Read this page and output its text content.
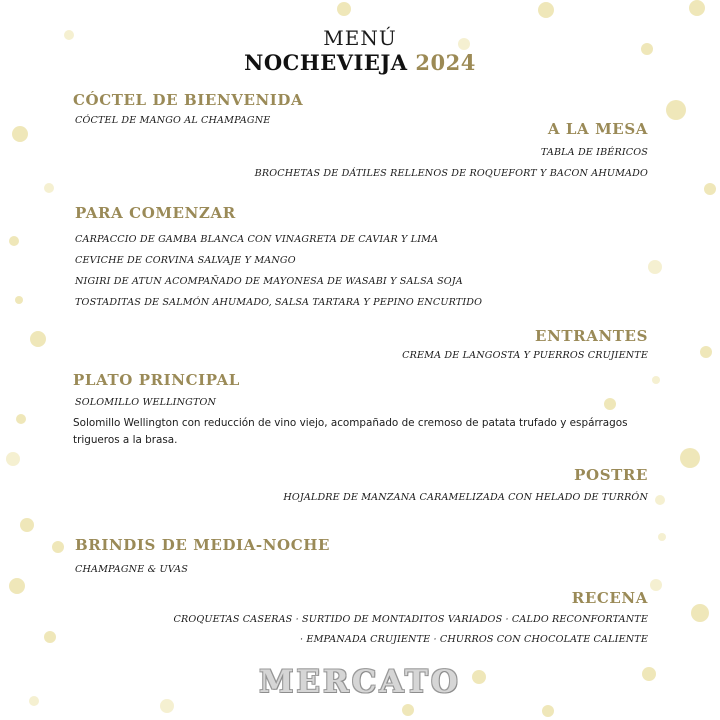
MENÚ
NOCHEVIEJA 2024
CÓCTEL DE BIENVENIDA
CÓCTEL DE MANGO AL CHAMPAGNE	A LA MESA
TABLA DE IBÉRICOS
BROCHETAS DE DÁTILES RELLENOS DE ROQUEFORT Y BACON AHUMADO
PARA COMENZAR
CARPACCIO DE GAMBA BLANCA CON VINAGRETA DE CAVIAR Y LIMA
CEVICHE DE CORVINA SALVAJE Y MANGO
NIGIRI DE ATUN ACOMPAÑADO DE MAYONESA DE WASABI Y SALSA SOJA
TOSTADITAS DE SALMÓN AHUMADO, SALSA TARTARA Y PEPINO ENCURTIDO
ENTRANTES
CREMA DE LANGOSTA Y PUERROS CRUJIENTE
PLATO PRINCIPAL
SOLOMILLO WELLINGTON
Solomillo Wellington con reducción de vino viejo, acompañado de cremoso de patata trufado y espárragos trigueros a la brasa.
POSTRE
HOJALDRE DE MANZANA CARAMELIZADA CON HELADO DE TURRÓN
BRINDIS DE MEDIA-NOCHE
CHAMPAGNE & UVAS
RECENA
CROQUETAS CASERAS · SURTIDO DE MONTADITOS VARIADOS · CALDO RECONFORTANTE
· EMPANADA CRUJIENTE · CHURROS CON CHOCOLATE CALIENTE
MERCATO
